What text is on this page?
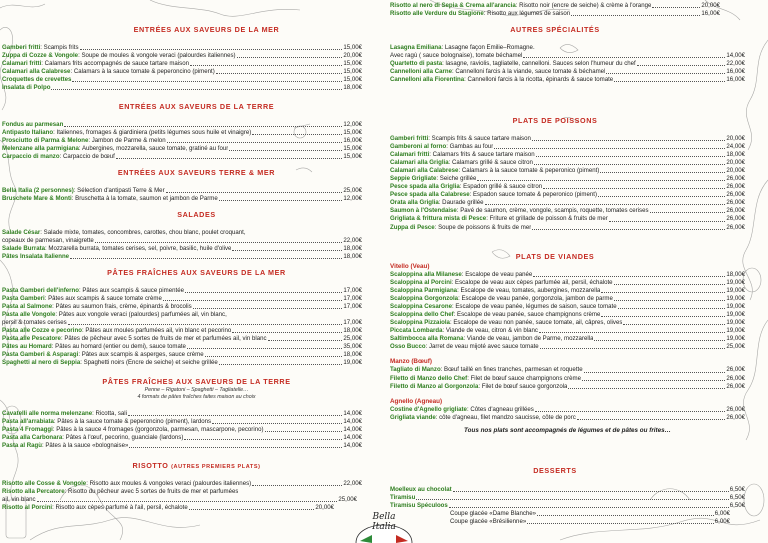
ENTRÉES AUX SAVEURS DE LA MER
Gamberi fritti : Scampis frits	15,00€
Zuppa di Cozze & Vongole : Soupe de moules & vongole veraci (palourdes italiennes)	20,00€
Calamari fritti : Calamars frits accompagnés de sauce tartare maison	15,00€
Calamari alla Calabrese : Calamars à la sauce tomate & peperoncino (piment)	15,00€
Croquettes de crevettes	15,00€
Insalata di Polpo	18,00€
ENTRÉES AUX SAVEURS DE LA TERRE
Fondus au parmesan	12,00€
Antipasto Italiano : Italiennes, fromages & giardiniera (petits légumes sous huile et vinaigre)	15,00€
Prosciutto di Parma & Melone : Jambon de Parme & melon	16,00€
Melenzane alla parmigiana : Aubergines, mozzarella, sauce tomate, gratiné au four	15,00€
Carpaccio di manzo : Carpaccio de bœuf	15,00€
ENTRÉES AUX SAVEURS TERRE & MER
Bella Italia (2 personnes) : Sélection d'antipasti Terre & Mer	25,00€
Bruschete Mare & Monti : Bruschetta à la tomate, saumon et jambon de Parme	12,00€
SALADES
Salade César : Salade mixte, tomates, concombres, carottes, chou blanc, poulet croquant,
copeaux de parmesan, vinaigrette	22,00€
Salade Burrata : Mozzarella burrata, tomates cerises, sel, poivre, basilic, huile d'olive	18,00€
Pâtes Insalata Italienne	18,00€
PÂTES FRAÎCHES AUX SAVEURS DE LA MER
Pasta Gamberi dell'inferno : Pâtes aux scampis & sauce pimentée	17,00€
Pasta Gamberi : Pâtes aux scampis & sauce tomate crème	17,00€
Pasta al Salmone : Pâtes au saumon frais, crème, épinards & brocolis	17,00€
Pasta alle Vongole : Pâtes aux vongole veraci (palourdes) parfumées ail, vin blanc,
persil & tomates cerises	17,00€
Pasta alle Cozze e pecorino : Pâtes aux moules parfumées ail, vin blanc et pecorino	18,00€
Pasta alle Pescatore : Pâtes de pêcheur avec 5 sortes de fruits de mer et parfumées ail, vin blanc	25,00€
Pâtes au Homard : Pâtes au homard (entier ou demi), sauce tomate	35,00€
Pasta Gamberi & Asparagi : Pâtes aux scampis & asperges, sauce crème	18,00€
Spaghetti al nero di Seppia : Spaghetti noirs (Encre de seiche) et seiche grillée	19,00€
PÂTES FRAÎCHES AUX SAVEURS DE LA TERRE
Penne – Rigatoni – Spaghetti – Tagliatelle…
4 formats de pâtes fraîches faites maison au choix
Cavatelli alle norma melenzane : Ricotta, sali	14,00€
Pasta all'arrabiata : Pâtes à la sauce tomate & peperoncino (piment), lardons	14,00€
Pasta 4 Fromaggi : Pâtes à la sauce 4 fromages (gorgonzola, parmesan, mascarpone, pecorino)	14,00€
Pasta alla Carbonara : Pâtes à l'œuf, pecorino, guanciale (lardons)	14,00€
Pasta al Ragù : Pâtes à la sauce «bolognaise»	14,00€
RISOTTO (AUTRES PREMIERS PLATS)
Risotto alle Cosse & Vongole : Risotto aux moules & vongoles veraci (palourdes italiennes)	22,00€
Risotto alla Percatore : Risotto du pêcheur avec 5 sortes de fruits de mer et parfumées
ail, vin blanc	25,00€
Risotto al Porcini : Risotto aux cèpes parfumé à l'ail, persil, échalote	20,00€
Risotto al nero di Sepia & Crema all'arancia : Risotto noir (encre de seiche) & crème à l'orange	20,00€
Risotto alle Verdure du Stagione : Risotto aux légumes de saison	16,00€
AUTRES SPÉCIALITÉS
Lasagna Emiliana : Lasagne façon Emilie–Romagne.
Avec ragù ( sauce bolognaise), tomate béchamel	14,00€
Quartetto di pasta : lasagne, raviolis, tagliatelle, cannelloni. Sauces selon l'humeur du chef	22,00€
Cannelloni alla Carne : Cannelloni farcis à la viande, sauce tomate & béchamel	16,00€
Cannelloni alla Fiorentina : Cannelloni farcis à la ricotta, épinards & sauce tomate	16,00€
PLATS DE POISSONS
Gamberi fritti : Scampis frits & sauce tartare maison	20,00€
Gamberoni al forno : Gambas au four	24,00€
Calamari fritti : Calamars frits & sauce tartare maison	18,00€
Calamari alla Griglia : Calamars grillé & sauce citron	20,00€
Calamari alla Calabrese : Calamars à la sauce tomate & peperonico (piment)	20,00€
Seppie Grigliate : Seiche grillée	26,00€
Pesce spada alla Griglia : Espadon grillé & sauce citron	26,00€
Pesce spada alla Calabrese : Espadon sauce tomate & peperonico (piment)	26,00€
Orata alla Griglia : Daurade grillée	26,00€
Saumon à l'Ostendaise : Pavé de saumon, crème, vongole, scampis, roquette, tomates cerises	26,00€
Grigliata & frittura mista di Pesce : Friture et grillade de poisson & fruits de mer	26,00€
Zuppa di Pesce : Soupe de poissons & fruits de mer	26,00€
PLATS DE VIANDES
Vitello (Veau)
Scaloppina alla Milanese : Escalope de veau panée	18,00€
Scaloppina al Porcini : Escalope de veau aux cèpes parfumée ail, persil, échalote	19,00€
Scaloppina Parmigiana : Escalope de veau, tomates, aubergines, mozzarella	19,00€
Scaloppina Gorgonzola : Escalope de veau panée, gorgonzola, jambon de parme	19,00€
Scaloppina Cesarone : Escalope de veau panée, légumes de saison, sauce tomate	19,00€
Scaloppina dello Chef : Escalope de veau panée, sauce champignons crème	19,00€
Scaloppina Pizzaiola : Escalope de veau non panée, sauce tomate, ail, câpres, olives	19,00€
Piccata Lombarda : Viande de veau, citron & vin blanc	19,00€
Saltimbocca alla Romana : Viande de veau, jambon de Parme, mozzarella	19,00€
Osso Bucco : Jarret de veau mijoté avec sauce tomate	25,00€
Manzo (Bœuf)
Tagliato di Manzo : Bœuf taillé en fines tranches, parmesan et roquette	26,00€
Filetto di Manzo dello Chef : Filet de bœuf sauce champignons crème	26,00€
Filetto di Manzo al Gorgonzola : Filet de bœuf sauce gorgonzola	26,00€
Agnello (Agneau)
Costine d'Agnello grigliate : Côtes d'agneau grillées	26,00€
Grigliata viande : côte d'agneau, filet mandzo saucisse, côte de porc	26,00€
Tous nos plats sont accompagnés de légumes et de pâtes ou frites…
DESSERTS
Moelleux au chocolat	6,50€
Tiramisu	6,50€
Tiramisu Spéculoos	6,50€
Coupe glacée «Dame Blanche»	6,00€
Coupe glacée «Brésilienne»	6,00€
Bella
Italia
